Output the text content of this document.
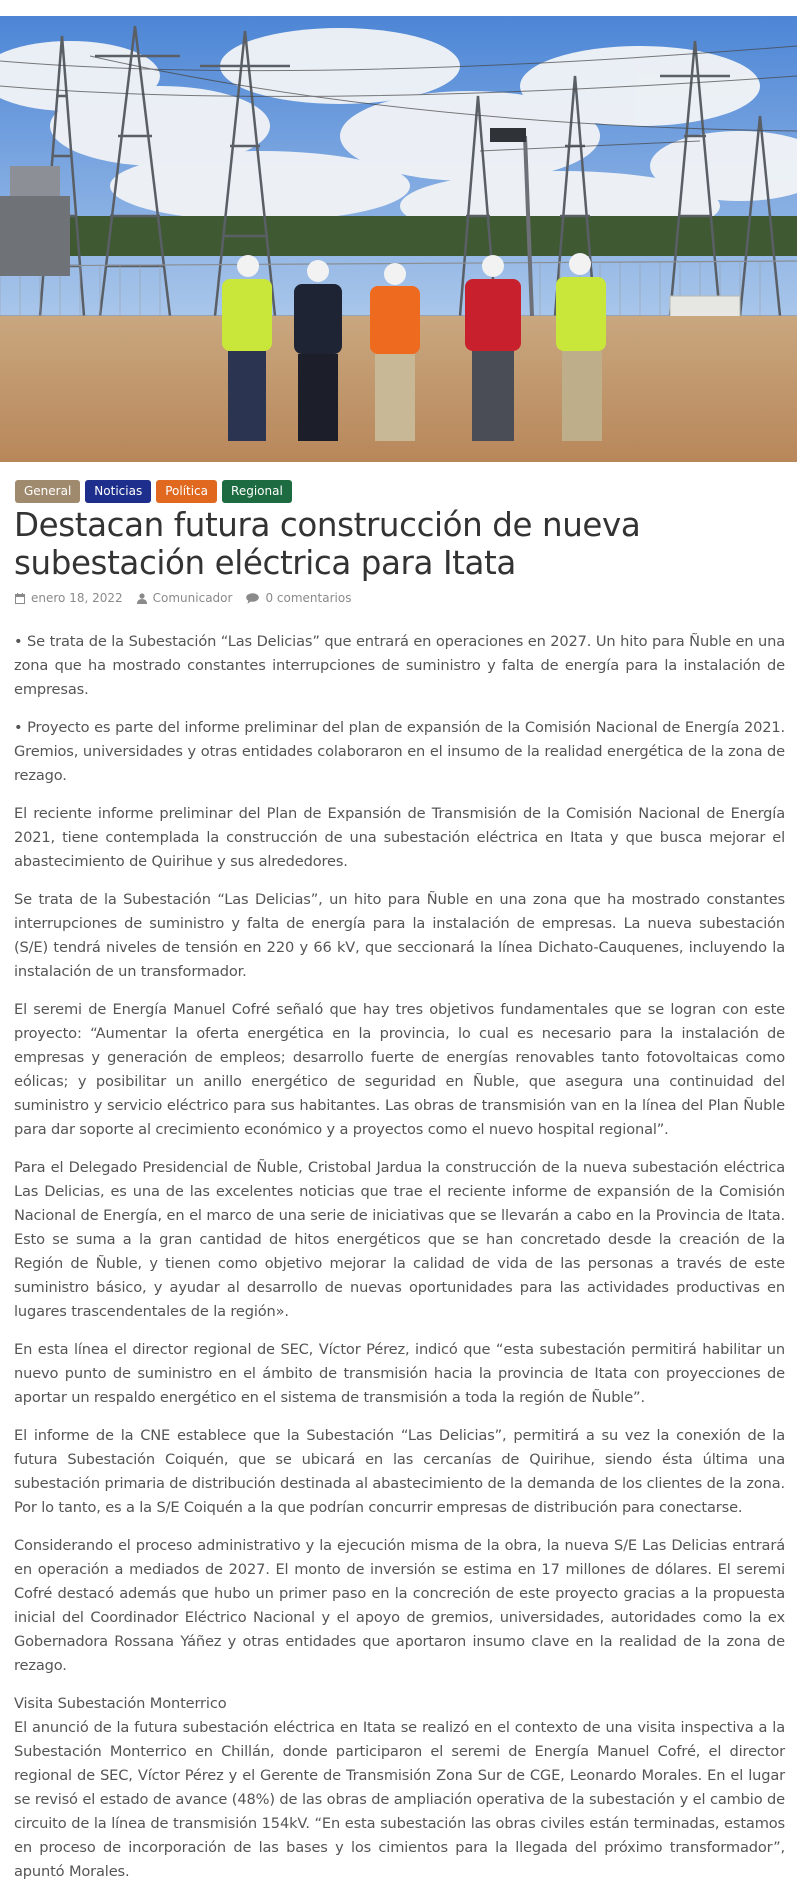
General	Noticias	Política	Regional
Destacan futura construcción de nueva subestación eléctrica para Itata
enero 18, 2022	Comunicador	0 comentarios

• Se trata de la Subestación “Las Delicias” que entrará en operaciones en 2027. Un hito para Ñuble en una zona que ha mostrado constantes interrupciones de suministro y falta de energía para la instalación de empresas.

• Proyecto es parte del informe preliminar del plan de expansión de la Comisión Nacional de Energía 2021. Gremios, universidades y otras entidades colaboraron en el insumo de la realidad energética de la zona de rezago.

El reciente informe preliminar del Plan de Expansión de Transmisión de la Comisión Nacional de Energía 2021, tiene contemplada la construcción de una subestación eléctrica en Itata y que busca mejorar el abastecimiento de Quirihue y sus alrededores.

Se trata de la Subestación “Las Delicias”, un hito para Ñuble en una zona que ha mostrado constantes interrupciones de suministro y falta de energía para la instalación de empresas. La nueva subestación (S/E) tendrá niveles de tensión en 220 y 66 kV, que seccionará la línea Dichato-Cauquenes, incluyendo la instalación de un transformador.

El seremi de Energía Manuel Cofré señaló que hay tres objetivos fundamentales que se logran con este proyecto: “Aumentar la oferta energética en la provincia, lo cual es necesario para la instalación de empresas y generación de empleos; desarrollo fuerte de energías renovables tanto fotovoltaicas como eólicas; y posibilitar un anillo energético de seguridad en Ñuble, que asegura una continuidad del suministro y servicio eléctrico para sus habitantes. Las obras de transmisión van en la línea del Plan Ñuble para dar soporte al crecimiento económico y a proyectos como el nuevo hospital regional”.

Para el Delegado Presidencial de Ñuble, Cristobal Jardua la construcción de la nueva subestación eléctrica Las Delicias, es una de las excelentes noticias que trae el reciente informe de expansión de la Comisión Nacional de Energía, en el marco de una serie de iniciativas que se llevarán a cabo en la Provincia de Itata. Esto se suma a la gran cantidad de hitos energéticos que se han concretado desde la creación de la Región de Ñuble, y tienen como objetivo mejorar la calidad de vida de las personas a través de este suministro básico, y ayudar al desarrollo de nuevas oportunidades para las actividades productivas en lugares trascendentales de la región».

En esta línea el director regional de SEC, Víctor Pérez, indicó que “esta subestación permitirá habilitar un nuevo punto de suministro en el ámbito de transmisión hacia la provincia de Itata con proyecciones de aportar un respaldo energético en el sistema de transmisión a toda la región de Ñuble”.

El informe de la CNE establece que la Subestación “Las Delicias”, permitirá a su vez la conexión de la futura Subestación Coiquén, que se ubicará en las cercanías de Quirihue, siendo ésta última una subestación primaria de distribución destinada al abastecimiento de la demanda de los clientes de la zona. Por lo tanto, es a la S/E Coiquén a la que podrían concurrir empresas de distribución para conectarse.

Considerando el proceso administrativo y la ejecución misma de la obra, la nueva S/E Las Delicias entrará en operación a mediados de 2027. El monto de inversión se estima en 17 millones de dólares. El seremi Cofré destacó además que hubo un primer paso en la concreción de este proyecto gracias a la propuesta inicial del Coordinador Eléctrico Nacional y el apoyo de gremios, universidades, autoridades como la ex Gobernadora Rossana Yáñez y otras entidades que aportaron insumo clave en la realidad de la zona de rezago.

Visita Subestación Monterrico

El anunció de la futura subestación eléctrica en Itata se realizó en el contexto de una visita inspectiva a la Subestación Monterrico en Chillán, donde participaron el seremi de Energía Manuel Cofré, el director regional de SEC, Víctor Pérez y el Gerente de Transmisión Zona Sur de CGE, Leonardo Morales. En el lugar se revisó el estado de avance (48%) de las obras de ampliación operativa de la subestación y el cambio de circuito de la línea de transmisión 154kV. “En esta subestación las obras civiles están terminadas, estamos en proceso de incorporación de las bases y los cimientos para la llegada del próximo transformador”, apuntó Morales.
